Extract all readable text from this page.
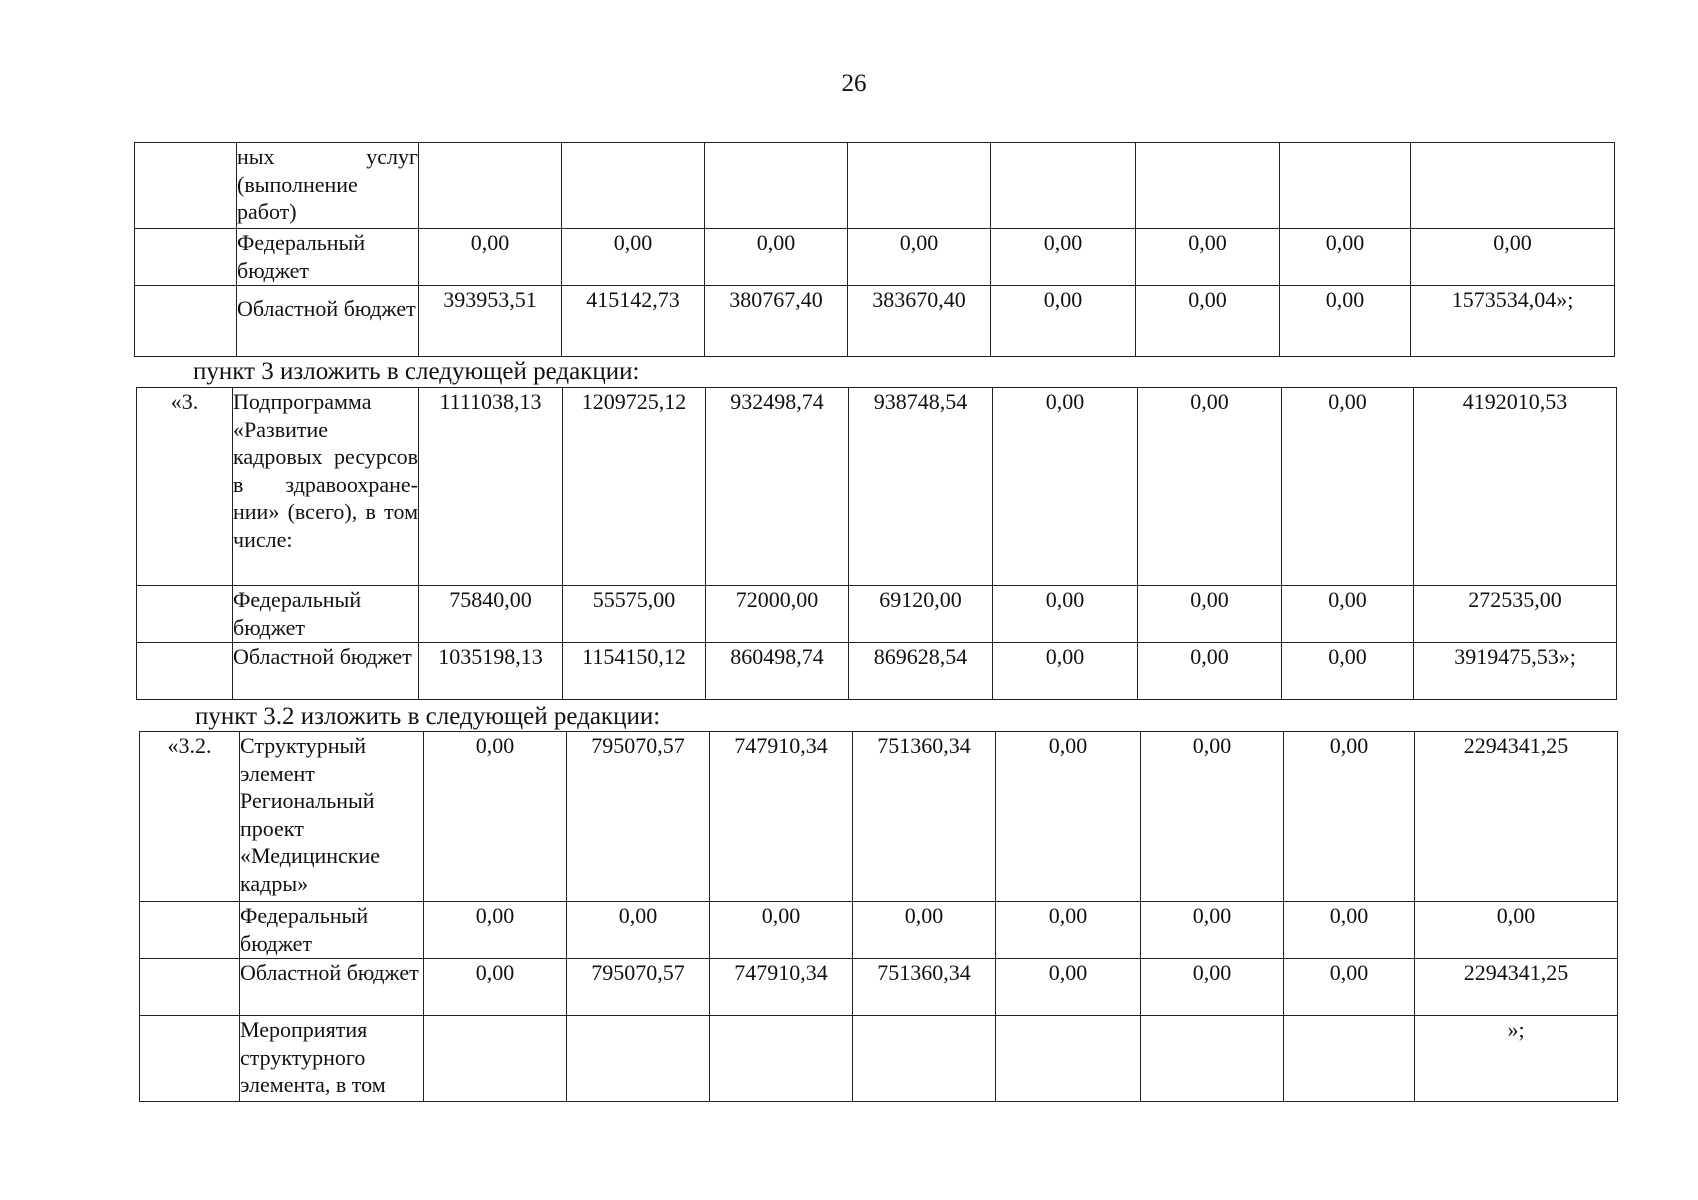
26
	ных услуг (выполнение работ)								
	Федеральный бюджет	0,00	0,00	0,00	0,00	0,00	0,00	0,00	0,00
	Областной бюджет	393953,51	415142,73	380767,40	383670,40	0,00	0,00	0,00	1573534,04»;
пункт 3 изложить в следующей редакции:
«3.	Подпрограмма «Развитие кадровых ресурсов в здравоохране-нии» (всего), в том числе:	1111038,13	1209725,12	932498,74	938748,54	0,00	0,00	0,00	4192010,53
	Федеральный бюджет	75840,00	55575,00	72000,00	69120,00	0,00	0,00	0,00	272535,00
	Областной бюджет	1035198,13	1154150,12	860498,74	869628,54	0,00	0,00	0,00	3919475,53»;
пункт 3.2 изложить в следующей редакции:
«3.2.	Структурный элемент Региональный проект «Медицинские кадры»	0,00	795070,57	747910,34	751360,34	0,00	0,00	0,00	2294341,25
	Федеральный бюджет	0,00	0,00	0,00	0,00	0,00	0,00	0,00	0,00
	Областной бюджет	0,00	795070,57	747910,34	751360,34	0,00	0,00	0,00	2294341,25
	Мероприятия структурного элемента, в том								»;
